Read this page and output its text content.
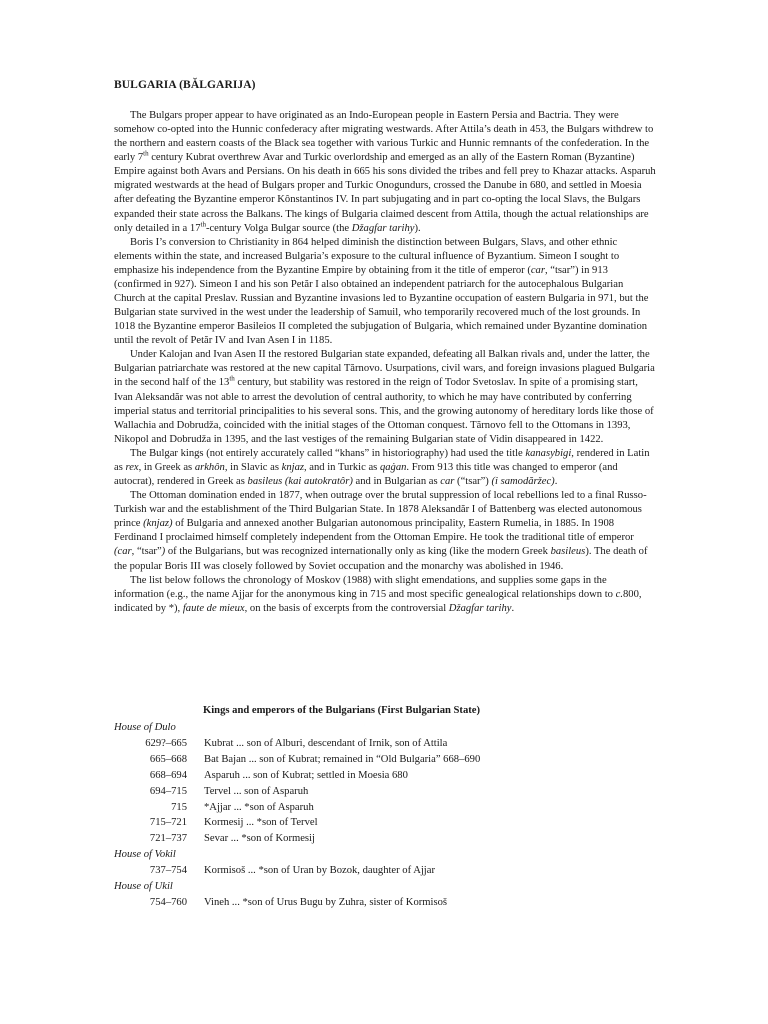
BULGARIA (BĂLGARIJA)

The Bulgars proper appear to have originated as an Indo-European people in Eastern Persia and Bactria. They were somehow co-opted into the Hunnic confederacy after migrating westwards. After Attila’s death in 453, the Bulgars withdrew to the northern and eastern coasts of the Black sea together with various Turkic and Hunnic remnants of the confederation. In the early 7th century Kubrat overthrew Avar and Turkic overlordship and emerged as an ally of the Eastern Roman (Byzantine) Empire against both Avars and Persians. On his death in 665 his sons divided the tribes and fell prey to Khazar attacks. Asparuh migrated westwards at the head of Bulgars proper and Turkic Onogundurs, crossed the Danube in 680, and settled in Moesia after defeating the Byzantine emperor Kônstantinos IV. In part subjugating and in part co-opting the local Slavs, the Bulgars expanded their state across the Balkans. The kings of Bulgaria claimed descent from Attila, though the actual relationships are only detailed in a 17th-century Volga Bulgar source (the Džagfar tarihy).

Boris I’s conversion to Christianity in 864 helped diminish the distinction between Bulgars, Slavs, and other ethnic elements within the state, and increased Bulgaria’s exposure to the cultural influence of Byzantium. Simeon I sought to emphasize his independence from the Byzantine Empire by obtaining from it the title of emperor (car, “tsar”) in 913 (confirmed in 927). Simeon I and his son Petăr I also obtained an independent patriarch for the autocephalous Bulgarian Church at the capital Preslav. Russian and Byzantine invasions led to Byzantine occupation of eastern Bulgaria in 971, but the Bulgarian state survived in the west under the leadership of Samuil, who temporarily recovered much of the lost grounds. In 1018 the Byzantine emperor Basileios II completed the subjugation of Bulgaria, which remained under Byzantine domination until the revolt of Petăr IV and Ivan Asen I in 1185.

Under Kalojan and Ivan Asen II the restored Bulgarian state expanded, defeating all Balkan rivals and, under the latter, the Bulgarian patriarchate was restored at the new capital Tărnovo. Usurpations, civil wars, and foreign invasions plagued Bulgaria in the second half of the 13th century, but stability was restored in the reign of Todor Svetoslav. In spite of a promising start, Ivan Aleksandăr was not able to arrest the devolution of central authority, to which he may have contributed by conferring imperial status and territorial principalities to his several sons. This, and the growing autonomy of hereditary lords like those of Wallachia and Dobrudža, coincided with the initial stages of the Ottoman conquest. Tărnovo fell to the Ottomans in 1393, Nikopol and Dobrudža in 1395, and the last vestiges of the remaining Bulgarian state of Vidin disappeared in 1422.

The Bulgar kings (not entirely accurately called “khans” in historiography) had used the title kanasybigi, rendered in Latin as rex, in Greek as arkhôn, in Slavic as knjaz, and in Turkic as qaġan. From 913 this title was changed to emperor (and autocrat), rendered in Greek as basileus (kai autokratôr) and in Bulgarian as car (“tsar”) (i samodăržec).

The Ottoman domination ended in 1877, when outrage over the brutal suppression of local rebellions led to a final Russo-Turkish war and the establishment of the Third Bulgarian State. In 1878 Aleksandăr I of Battenberg was elected autonomous prince (knjaz) of Bulgaria and annexed another Bulgarian autonomous principality, Eastern Rumelia, in 1885. In 1908 Ferdinand I proclaimed himself completely independent from the Ottoman Empire. He took the traditional title of emperor (car, “tsar”) of the Bulgarians, but was recognized internationally only as king (like the modern Greek basileus). The death of the popular Boris III was closely followed by Soviet occupation and the monarchy was abolished in 1946.

The list below follows the chronology of Moskov (1988) with slight emendations, and supplies some gaps in the information (e.g., the name Ajjar for the anonymous king in 715 and most specific genealogical relationships down to c.800, indicated by *), faute de mieux, on the basis of excerpts from the controversial Džagfar tarihy.

Kings and emperors of the Bulgarians (First Bulgarian State)
House of Dulo
629?–665	Kubrat ... son of Alburi, descendant of Irnik, son of Attila
665–668	Bat Bajan ... son of Kubrat; remained in “Old Bulgaria” 668–690
668–694	Asparuh ... son of Kubrat; settled in Moesia 680
694–715	Tervel ... son of Asparuh
715	*Ajjar ... *son of Asparuh
715–721	Kormesij ... *son of Tervel
721–737	Sevar ... *son of Kormesij
House of Vokil
737–754	Kormisoš ... *son of Uran by Bozok, daughter of Ajjar
House of Ukil
754–760	Vineh ... *son of Urus Bugu by Zuhra, sister of Kormisoš
